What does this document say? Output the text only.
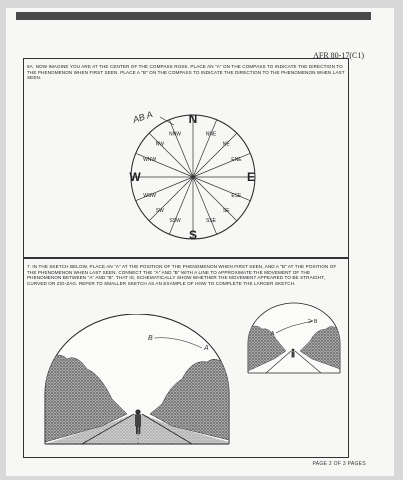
AFR 80-17(C1)
6A. NOW IMAGINE YOU ARE AT THE CENTER OF THE COMPASS ROSE. PLACE AN "A" ON THE COMPASS TO INDICATE THE DIRECTION TO THE PHENOMENON WHEN FIRST SEEN. PLACE A "B" ON THE COMPASS TO INDICATE THE DIRECTION TO THE PHENOMENON WHEN LAST SEEN.
N
NNE
NE
ENE
E
ESE
SE
SSE
S
SSW
SW
WSW
W
WNW
NW
NNW
AB A
7. IN THE SKETCH BELOW, PLACE AN "A" AT THE POSITION OF THE PHENOMENON WHEN FIRST SEEN, AND A "B" AT THE POSITION OF THE PHENOMENON WHEN LAST SEEN. CONNECT THE "A" AND "B" WITH A LINE TO APPROXIMATE THE MOVEMENT OF THE PHENOMENON BETWEEN "A" AND "B". THAT IS, SCHEMATICALLY SHOW WHETHER THE MOVEMENT APPEARED TO BE STRAIGHT, CURVED OR ZIG-ZAG. REFER TO SMALLER SKETCH AS AN EXAMPLE OF HOW TO COMPLETE THE LARGER SKETCH.
B
A
B
A
PAGE 2 OF 3 PAGES
